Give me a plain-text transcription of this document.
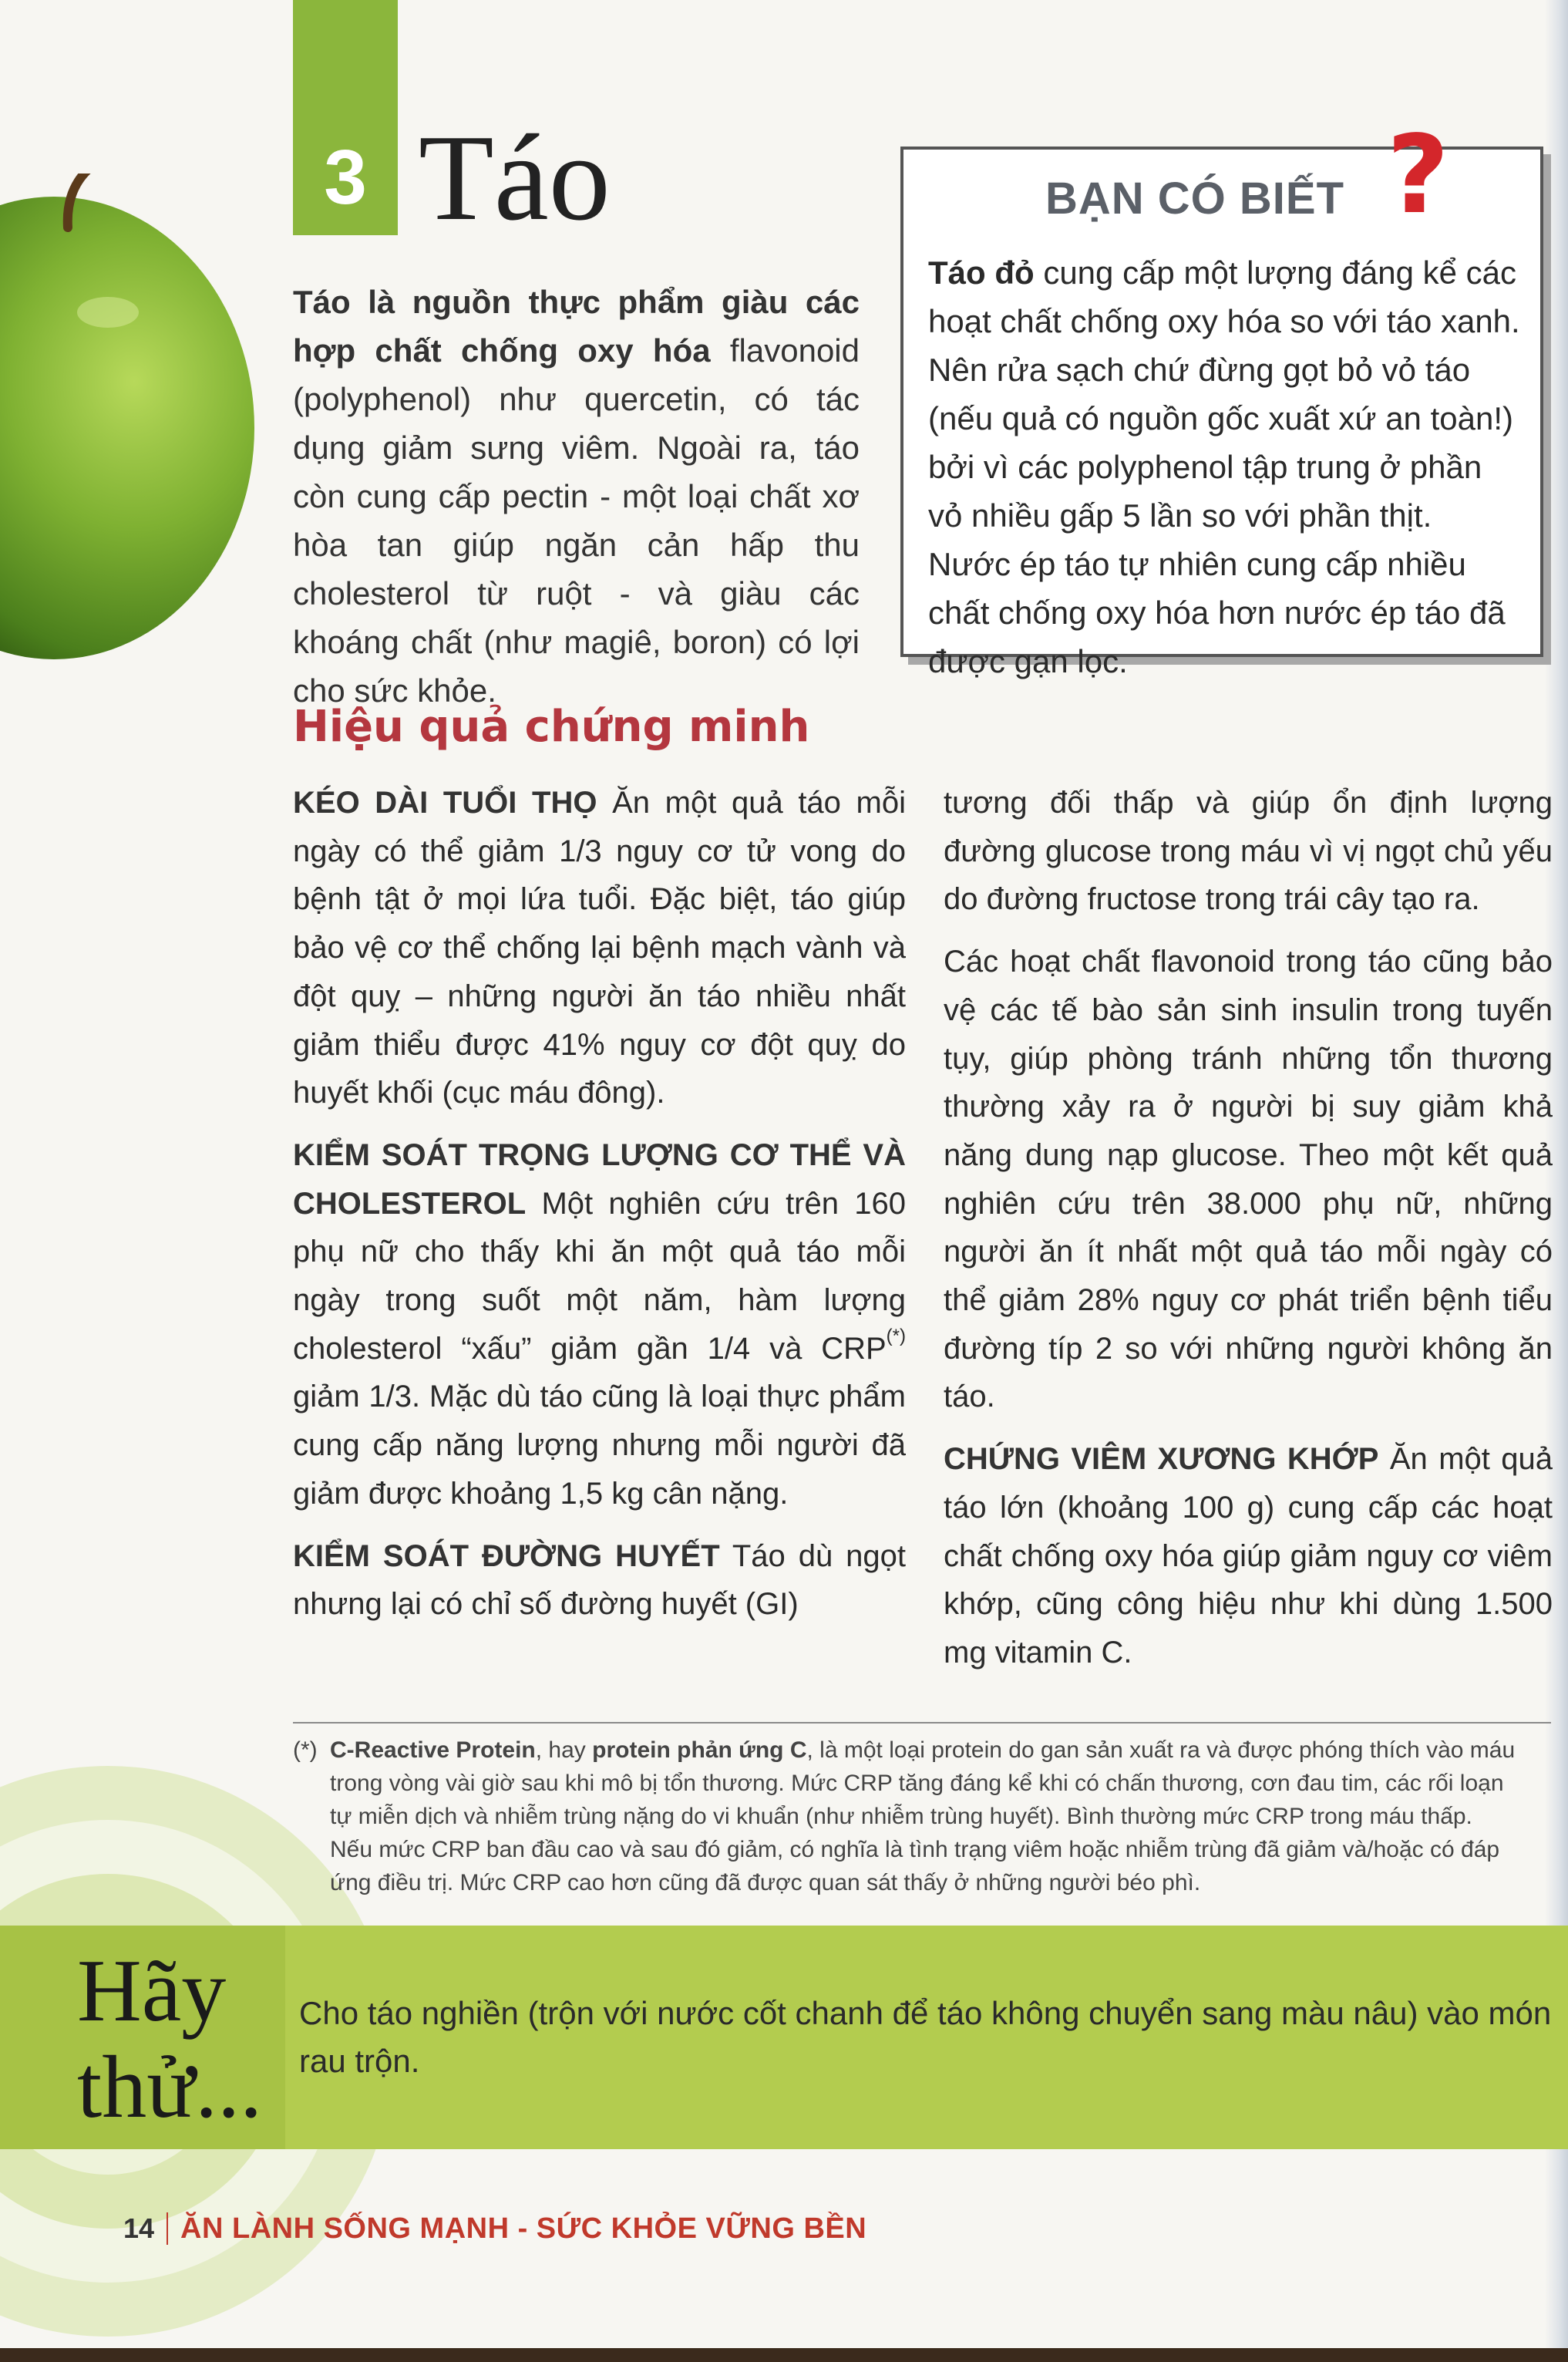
3 Táo
Táo là nguồn thực phẩm giàu các hợp chất chống oxy hóa flavonoid (polyphenol) như quercetin, có tác dụng giảm sưng viêm. Ngoài ra, táo còn cung cấp pectin - một loại chất xơ hòa tan giúp ngăn cản hấp thu cholesterol từ ruột - và giàu các khoáng chất (như magiê, boron) có lợi cho sức khỏe.
BẠN CÓ BIẾT ?
Táo đỏ cung cấp một lượng đáng kể các hoạt chất chống oxy hóa so với táo xanh. Nên rửa sạch chứ đừng gọt bỏ vỏ táo (nếu quả có nguồn gốc xuất xứ an toàn!) bởi vì các polyphenol tập trung ở phần vỏ nhiều gấp 5 lần so với phần thịt. Nước ép táo tự nhiên cung cấp nhiều chất chống oxy hóa hơn nước ép táo đã được gạn lọc.
Hiệu quả chứng minh

KÉO DÀI TUỔI THỌ Ăn một quả táo mỗi ngày có thể giảm 1/3 nguy cơ tử vong do bệnh tật ở mọi lứa tuổi. Đặc biệt, táo giúp bảo vệ cơ thể chống lại bệnh mạch vành và đột quỵ – những người ăn táo nhiều nhất giảm thiểu được 41% nguy cơ đột quỵ do huyết khối (cục máu đông).

KIỂM SOÁT TRỌNG LƯỢNG CƠ THỂ VÀ CHOLESTEROL Một nghiên cứu trên 160 phụ nữ cho thấy khi ăn một quả táo mỗi ngày trong suốt một năm, hàm lượng cholesterol “xấu” giảm gần 1/4 và CRP(*) giảm 1/3. Mặc dù táo cũng là loại thực phẩm cung cấp năng lượng nhưng mỗi người đã giảm được khoảng 1,5 kg cân nặng.

KIỂM SOÁT ĐƯỜNG HUYẾT Táo dù ngọt nhưng lại có chỉ số đường huyết (GI)

tương đối thấp và giúp ổn định lượng đường glucose trong máu vì vị ngọt chủ yếu do đường fructose trong trái cây tạo ra.

Các hoạt chất flavonoid trong táo cũng bảo vệ các tế bào sản sinh insulin trong tuyến tụy, giúp phòng tránh những tổn thương thường xảy ra ở người bị suy giảm khả năng dung nạp glucose. Theo một kết quả nghiên cứu trên 38.000 phụ nữ, những người ăn ít nhất một quả táo mỗi ngày có thể giảm 28% nguy cơ phát triển bệnh tiểu đường típ 2 so với những người không ăn táo.

CHỨNG VIÊM XƯƠNG KHỚP Ăn một quả táo lớn (khoảng 100 g) cung cấp các hoạt chất chống oxy hóa giúp giảm nguy cơ viêm khớp, cũng công hiệu như khi dùng 1.500 mg vitamin C.

(*) C-Reactive Protein, hay protein phản ứng C, là một loại protein do gan sản xuất ra và được phóng thích vào máu
trong vòng vài giờ sau khi mô bị tổn thương. Mức CRP tăng đáng kể khi có chấn thương, cơn đau tim, các rối loạn
tự miễn dịch và nhiễm trùng nặng do vi khuẩn (như nhiễm trùng huyết). Bình thường mức CRP trong máu thấp.
Nếu mức CRP ban đầu cao và sau đó giảm, có nghĩa là tình trạng viêm hoặc nhiễm trùng đã giảm và/hoặc có đáp
ứng điều trị. Mức CRP cao hơn cũng đã được quan sát thấy ở những người béo phì.
Hãy
thử...
Cho táo nghiền (trộn với nước cốt chanh để táo không chuyển sang màu nâu) vào món rau trộn.
14 ĂN LÀNH SỐNG MẠNH - SỨC KHỎE VỮNG BỀN
